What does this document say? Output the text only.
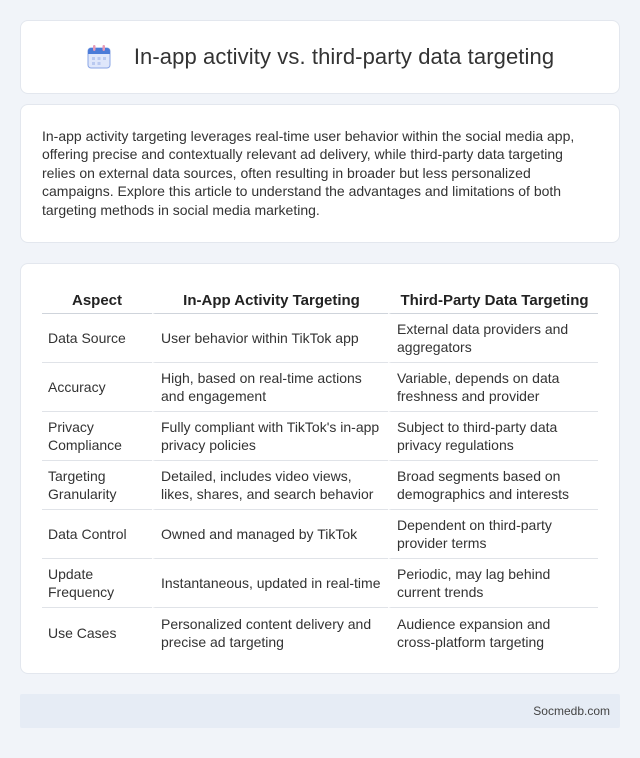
In-app activity vs. third-party data targeting

In-app activity targeting leverages real-time user behavior within the social media app, offering precise and contextually relevant ad delivery, while third-party data targeting relies on external data sources, often resulting in broader but less personalized campaigns. Explore this article to understand the advantages and limitations of both targeting methods in social media marketing.

Aspect	In-App Activity Targeting	Third-Party Data Targeting
Data Source	User behavior within TikTok app	External data providers and aggregators
Accuracy	High, based on real-time actions and engagement	Variable, depends on data freshness and provider
Privacy Compliance	Fully compliant with TikTok's in-app privacy policies	Subject to third-party data privacy regulations
Targeting Granularity	Detailed, includes video views, likes, shares, and search behavior	Broad segments based on demographics and interests
Data Control	Owned and managed by TikTok	Dependent on third-party provider terms
Update Frequency	Instantaneous, updated in real-time	Periodic, may lag behind current trends
Use Cases	Personalized content delivery and precise ad targeting	Audience expansion and cross-platform targeting
Socmedb.com
